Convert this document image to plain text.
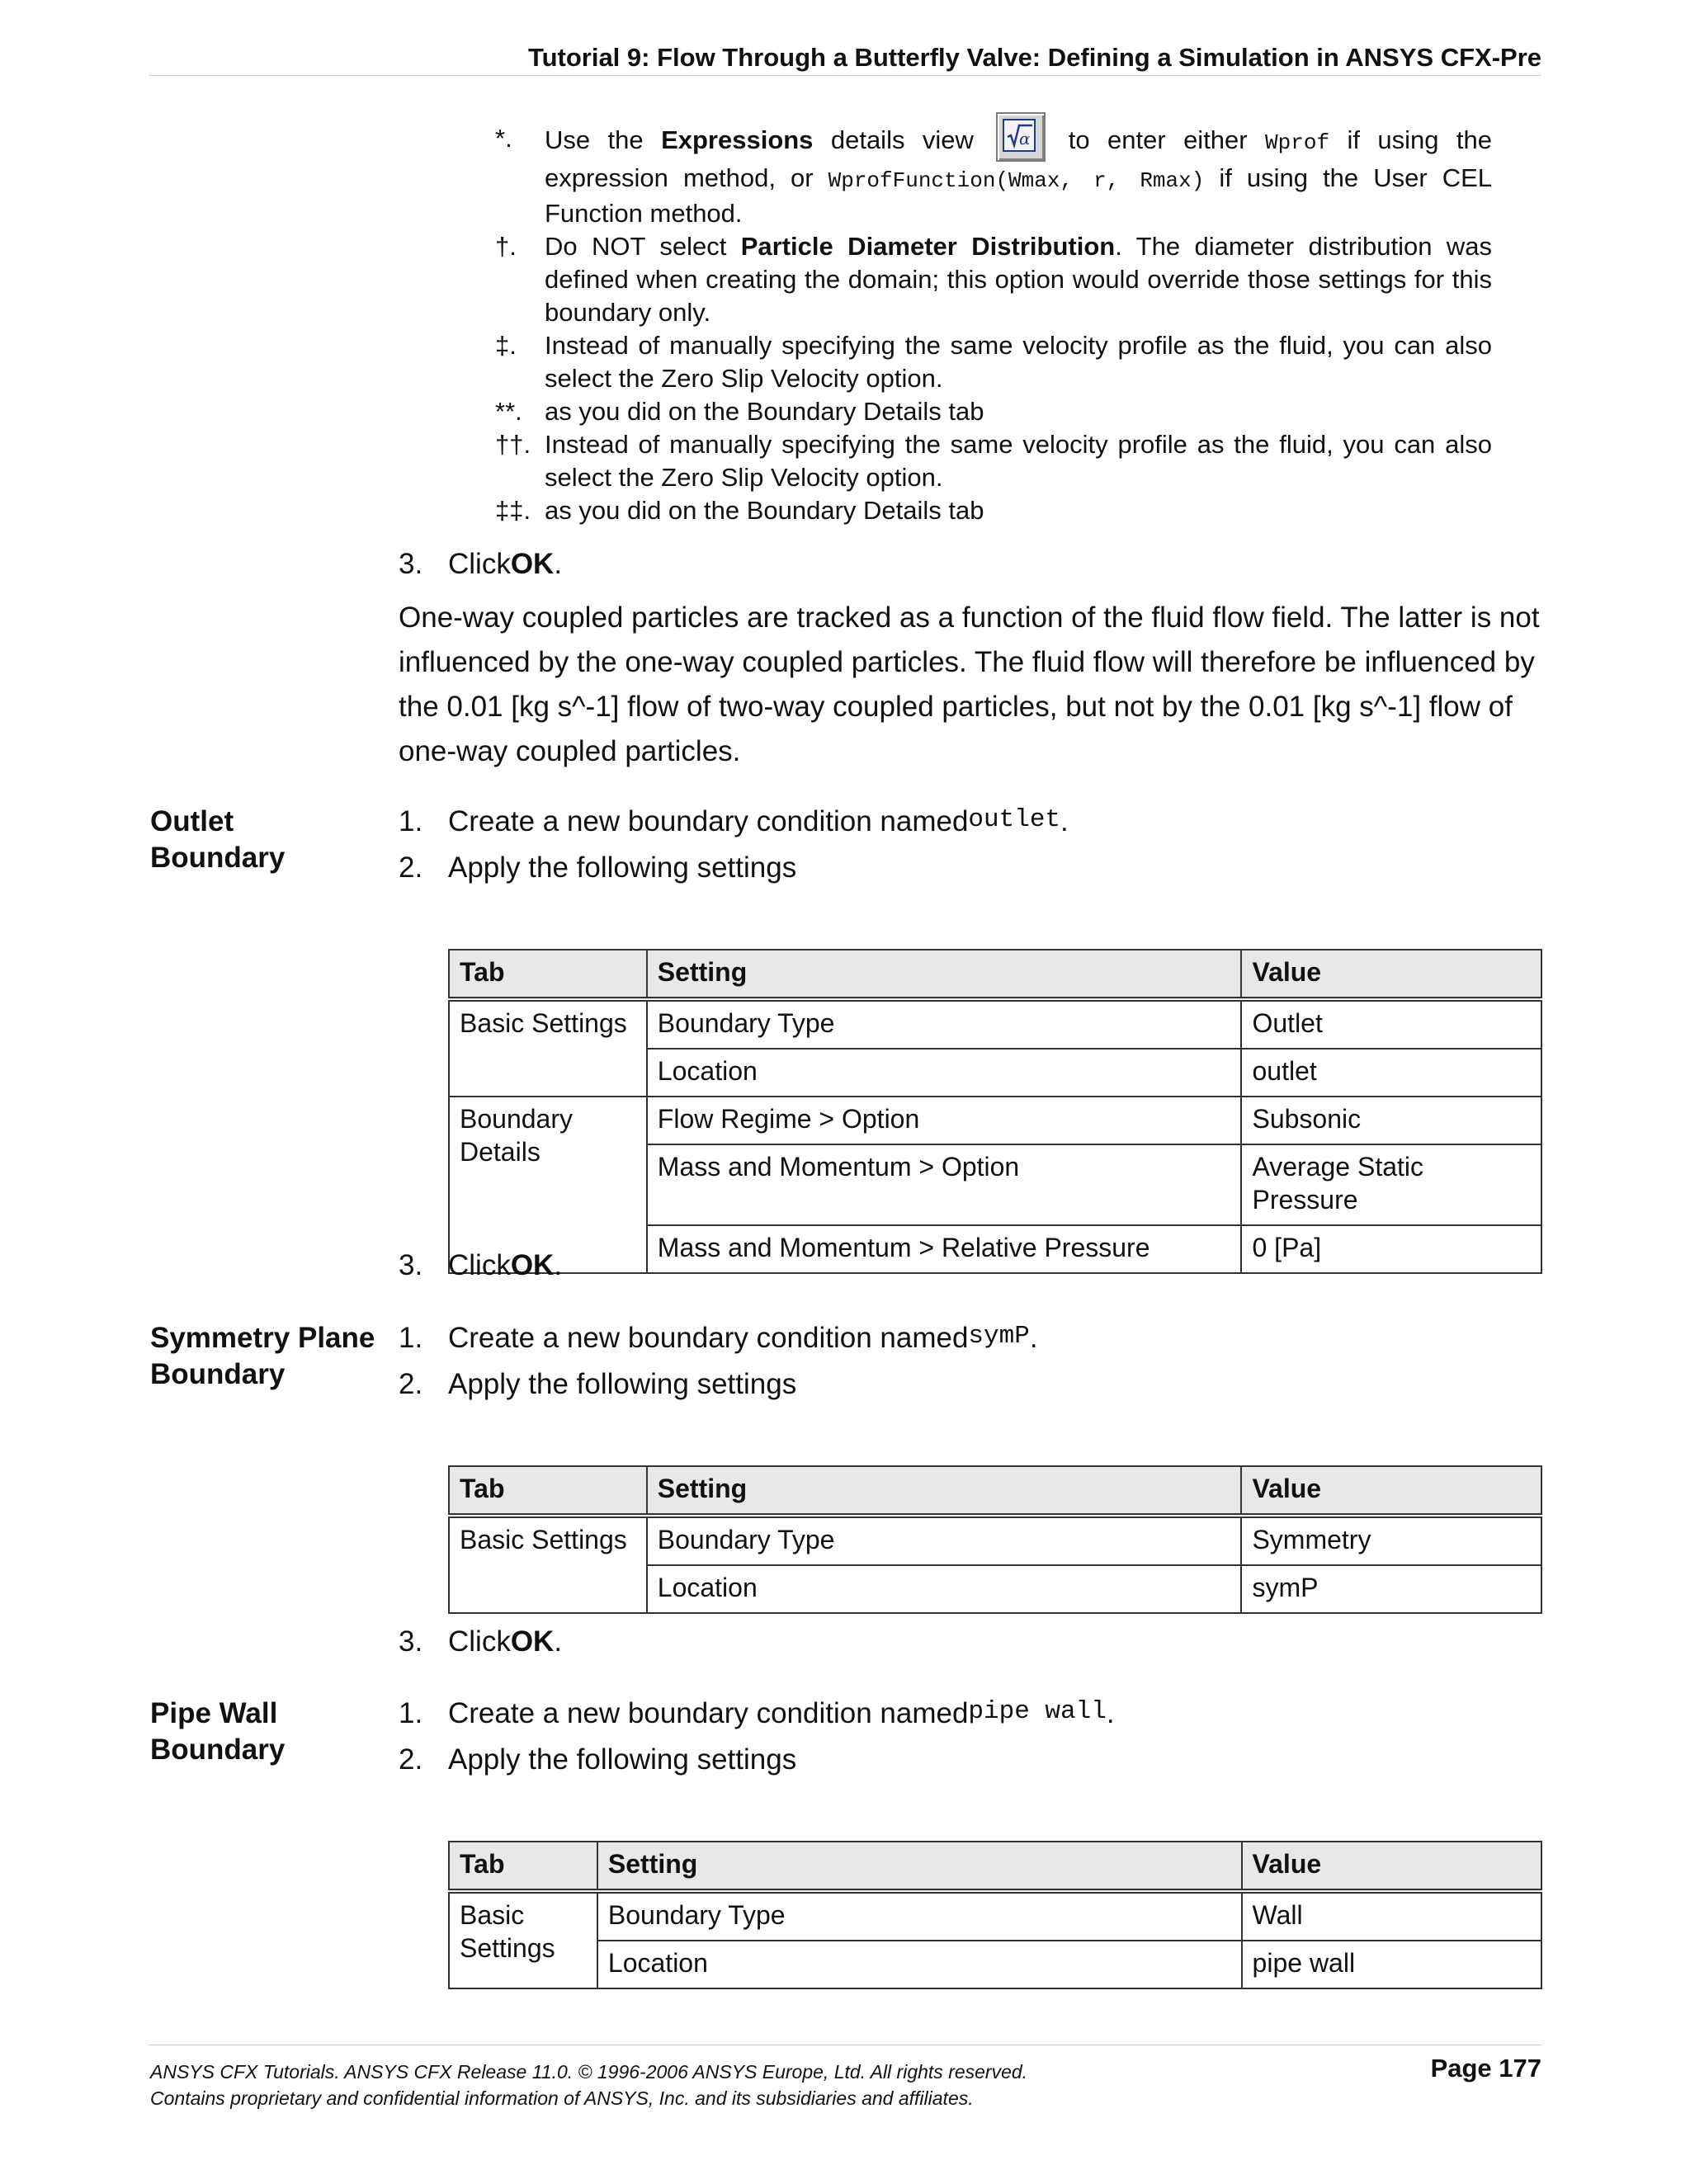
Tutorial 9: Flow Through a Butterfly Valve: Defining a Simulation in ANSYS CFX-Pre
*.	Use the Expressions details view α to enter either Wprof if using the expression method, or WprofFunction(Wmax, r, Rmax) if using the User CEL Function method.
†.	Do NOT select Particle Diameter Distribution. The diameter distribution was defined when creating the domain; this option would override those settings for this boundary only.
‡.	Instead of manually specifying the same velocity profile as the fluid, you can also select the Zero Slip Velocity option.
**. as you did on the Boundary Details tab
††. Instead of manually specifying the same velocity profile as the fluid, you can also select the Zero Slip Velocity option.
‡‡. as you did on the Boundary Details tab
3. Click OK .
One-way coupled particles are tracked as a function of the fluid flow field. The latter is not influenced by the one-way coupled particles. The fluid flow will therefore be influenced by the 0.01 [kg s^-1] flow of two-way coupled particles, but not by the 0.01 [kg s^-1] flow of one-way coupled particles.
Outlet
Boundary
1. Create a new boundary condition named outlet .
2. Apply the following settings
Tab	Setting	Value
Basic Settings	Boundary Type	Outlet
	Location	outlet
Boundary Details	Flow Regime > Option	Subsonic
	Mass and Momentum > Option	Average Static Pressure
	Mass and Momentum > Relative Pressure	0 [Pa]
3. Click OK .
Symmetry Plane
Boundary
1. Create a new boundary condition named symP .
2. Apply the following settings
Tab	Setting	Value
Basic Settings	Boundary Type	Symmetry
	Location	symP
3. Click OK .
Pipe Wall
Boundary
1. Create a new boundary condition named pipe wall .
2. Apply the following settings
Tab	Setting	Value
Basic Settings	Boundary Type	Wall
	Location	pipe wall
ANSYS CFX Tutorials. ANSYS CFX Release 11.0. © 1996-2006 ANSYS Europe, Ltd. All rights reserved.
Contains proprietary and confidential information of ANSYS, Inc. and its subsidiaries and affiliates.
Page 177
